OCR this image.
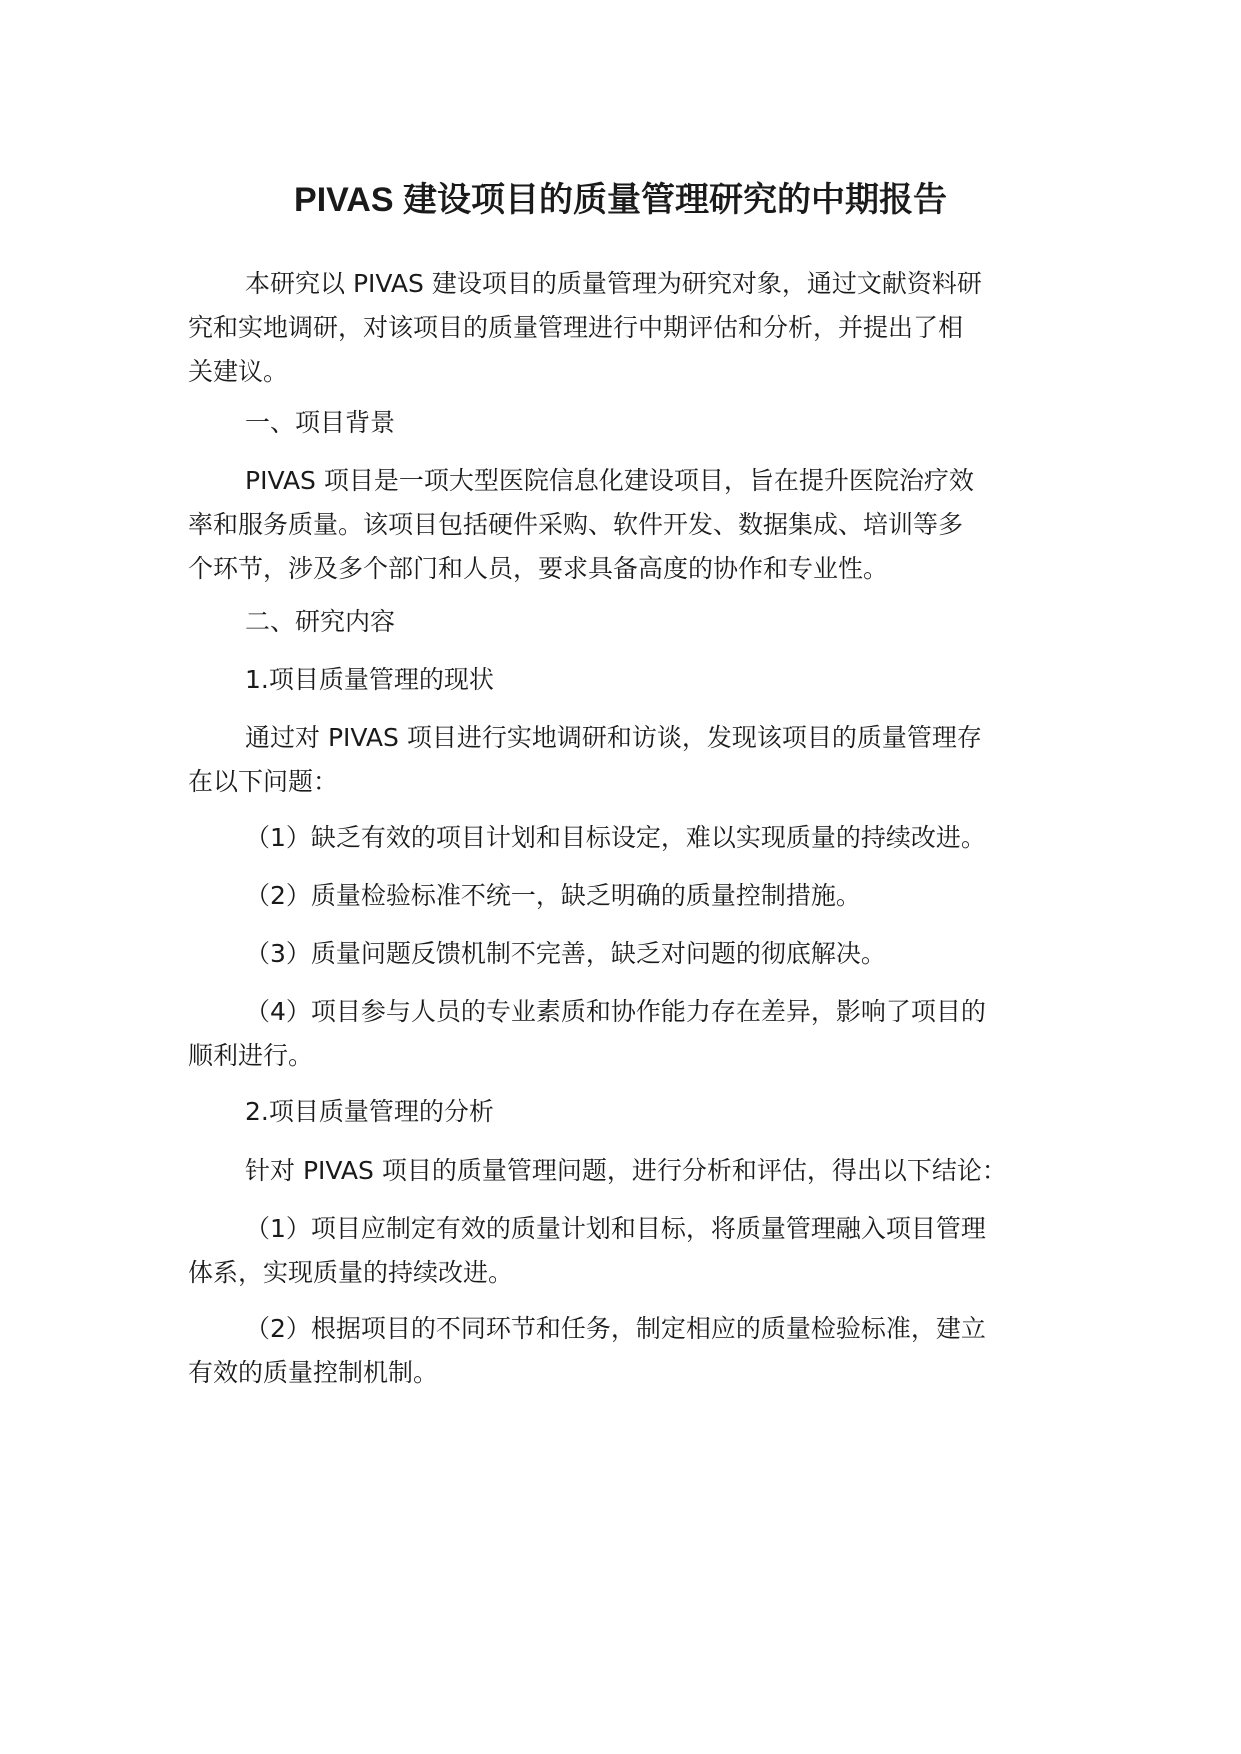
PIVAS 建设项目的质量管理研究的中期报告
本研究以 PIVAS 建设项目的质量管理为研究对象，通过文献资料研
究和实地调研，对该项目的质量管理进行中期评估和分析，并提出了相
关建议。
一、项目背景
PIVAS 项目是一项大型医院信息化建设项目，旨在提升医院治疗效
率和服务质量。该项目包括硬件采购、软件开发、数据集成、培训等多
个环节，涉及多个部门和人员，要求具备高度的协作和专业性。
二、研究内容
1.项目质量管理的现状
通过对 PIVAS 项目进行实地调研和访谈，发现该项目的质量管理存
在以下问题：
（1）缺乏有效的项目计划和目标设定，难以实现质量的持续改进。
（2）质量检验标准不统一，缺乏明确的质量控制措施。
（3）质量问题反馈机制不完善，缺乏对问题的彻底解决。
（4）项目参与人员的专业素质和协作能力存在差异，影响了项目的
顺利进行。
2.项目质量管理的分析
针对 PIVAS 项目的质量管理问题，进行分析和评估，得出以下结论：
（1）项目应制定有效的质量计划和目标，将质量管理融入项目管理
体系，实现质量的持续改进。
（2）根据项目的不同环节和任务，制定相应的质量检验标准，建立
有效的质量控制机制。
